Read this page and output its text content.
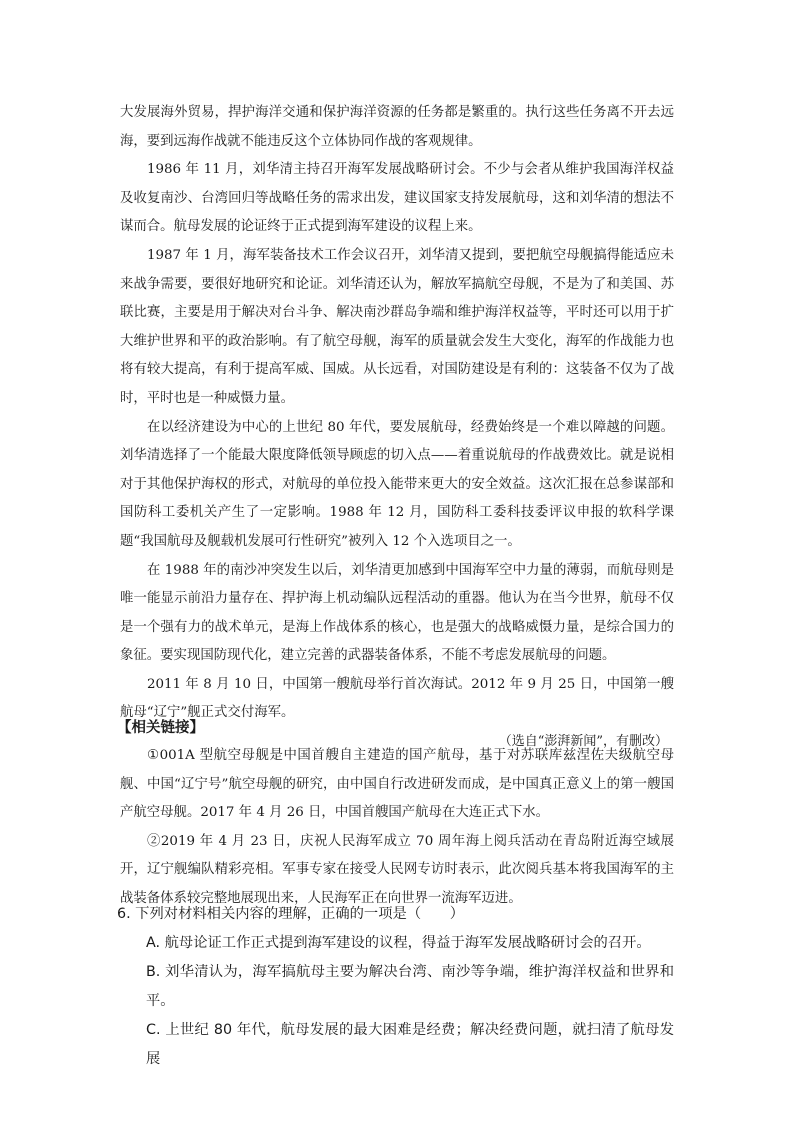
大发展海外贸易，捍护海洋交通和保护海洋资源的任务都是繁重的。执行这些任务离不开去远海，要到远海作战就不能违反这个立体协同作战的客观规律。

1986 年 11 月，刘华清主持召开海军发展战略研讨会。不少与会者从维护我国海洋权益及收复南沙、台湾回归等战略任务的需求出发，建议国家支持发展航母，这和刘华清的想法不谋而合。航母发展的论证终于正式提到海军建设的议程上来。

1987 年 1 月，海军装备技术工作会议召开，刘华清又提到，要把航空母舰搞得能适应未来战争需要，要很好地研究和论证。刘华清还认为，解放军搞航空母舰，不是为了和美国、苏联比赛，主要是用于解决对台斗争、解决南沙群岛争端和维护海洋权益等，平时还可以用于扩大维护世界和平的政治影响。有了航空母舰，海军的质量就会发生大变化，海军的作战能力也将有较大提高，有利于提高军威、国威。从长远看，对国防建设是有利的：这装备不仅为了战时，平时也是一种威慑力量。

在以经济建设为中心的上世纪 80 年代，要发展航母，经费始终是一个难以障越的问题。刘华清选择了一个能最大限度降低领导顾虑的切入点——着重说航母的作战费效比。就是说相对于其他保护海权的形式，对航母的单位投入能带来更大的安全效益。这次汇报在总参谋部和国防科工委机关产生了一定影响。1988 年 12 月，国防科工委科技委评议申报的软科学课题“我国航母及舰载机发展可行性研究”被列入 12 个入选项目之一。

在 1988 年的南沙冲突发生以后，刘华清更加感到中国海军空中力量的薄弱，而航母则是唯一能显示前沿力量存在、捍护海上机动编队远程活动的重器。他认为在当今世界，航母不仅是一个强有力的战术单元，是海上作战体系的核心，也是强大的战略威慑力量，是综合国力的象征。要实现国防现代化，建立完善的武器装备体系，不能不考虑发展航母的问题。

2011 年 8 月 10 日，中国第一艘航母举行首次海试。2012 年 9 月 25 日，中国第一艘航母“辽宁”舰正式交付海军。

（选自“澎湃新闻”，有删改）

【相关链接】

①001A 型航空母舰是中国首艘自主建造的国产航母，基于对苏联库兹涅佐夫级航空母舰、中国“辽宁号”航空母舰的研究，由中国自行改进研发而成，是中国真正意义上的第一艘国产航空母舰。2017 年 4 月 26 日，中国首艘国产航母在大连正式下水。

②2019 年 4 月 23 日，庆祝人民海军成立 70 周年海上阅兵活动在青岛附近海空域展开，辽宁舰编队精彩亮相。军事专家在接受人民网专访时表示，此次阅兵基本将我国海军的主战装备体系较完整地展现出来，人民海军正在向世界一流海军迈进。

6. 下列对材料相关内容的理解，正确的一项是（　　）

A. 航母论证工作正式提到海军建设的议程，得益于海军发展战略研讨会的召开。

B. 刘华清认为，海军搞航母主要为解决台湾、南沙等争端，维护海洋权益和世界和平。

C. 上世纪 80 年代，航母发展的最大困难是经费；解决经费问题，就扫清了航母发展
